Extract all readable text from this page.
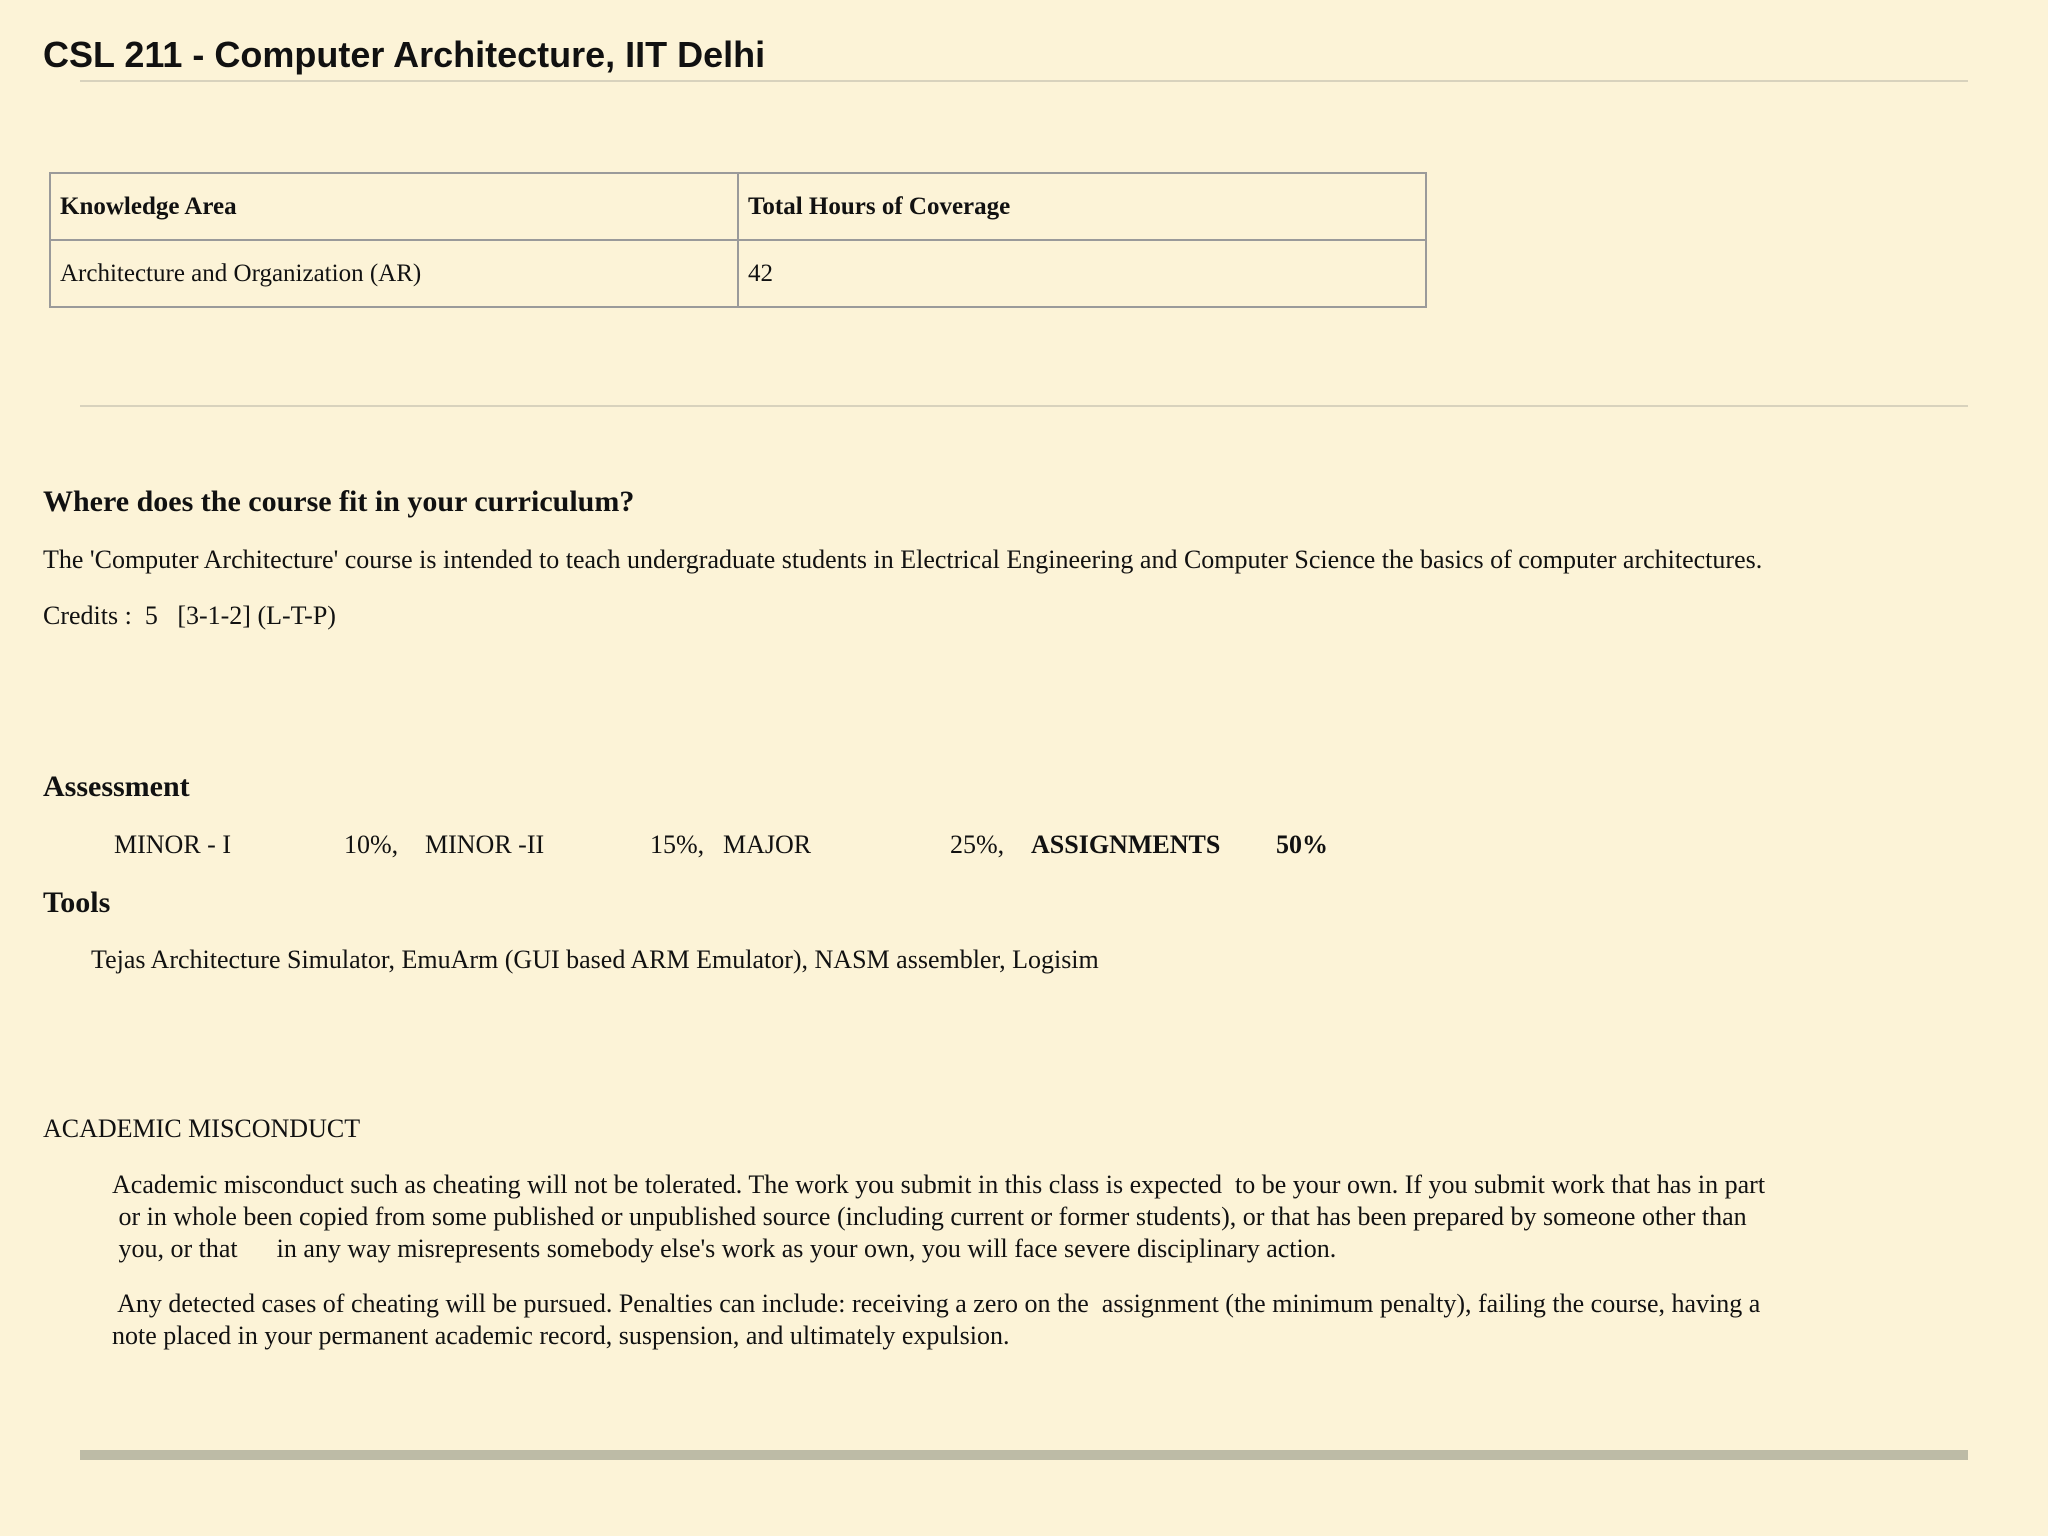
CSL 211 - Computer Architecture, IIT Delhi
Knowledge Area	Total Hours of Coverage
Architecture and Organization (AR)	42
Where does the course fit in your curriculum?

The 'Computer Architecture' course is intended to teach undergraduate students in Electrical Engineering and Computer Science the basics of computer architectures.

Credits :  5   [3-1-2] (L-T-P)

Assessment
MINOR - I	10%, MINOR -II	15%, MAJOR	25%, ASSIGNMENTS 50%
Tools

Tejas Architecture Simulator, EmuArm (GUI based ARM Emulator), NASM assembler, Logisim

ACADEMIC MISCONDUCT

Academic misconduct such as cheating will not be tolerated. The work you submit in this class is expected  to be your own. If you submit work that has in part
or in whole been copied from some published or unpublished source (including current or former students), or that has been prepared by someone other than
you, or that      in any way misrepresents somebody else's work as your own, you will face severe disciplinary action.
Any detected cases of cheating will be pursued. Penalties can include: receiving a zero on the  assignment (the minimum penalty), failing the course, having a
note placed in your permanent academic record, suspension, and ultimately expulsion.
